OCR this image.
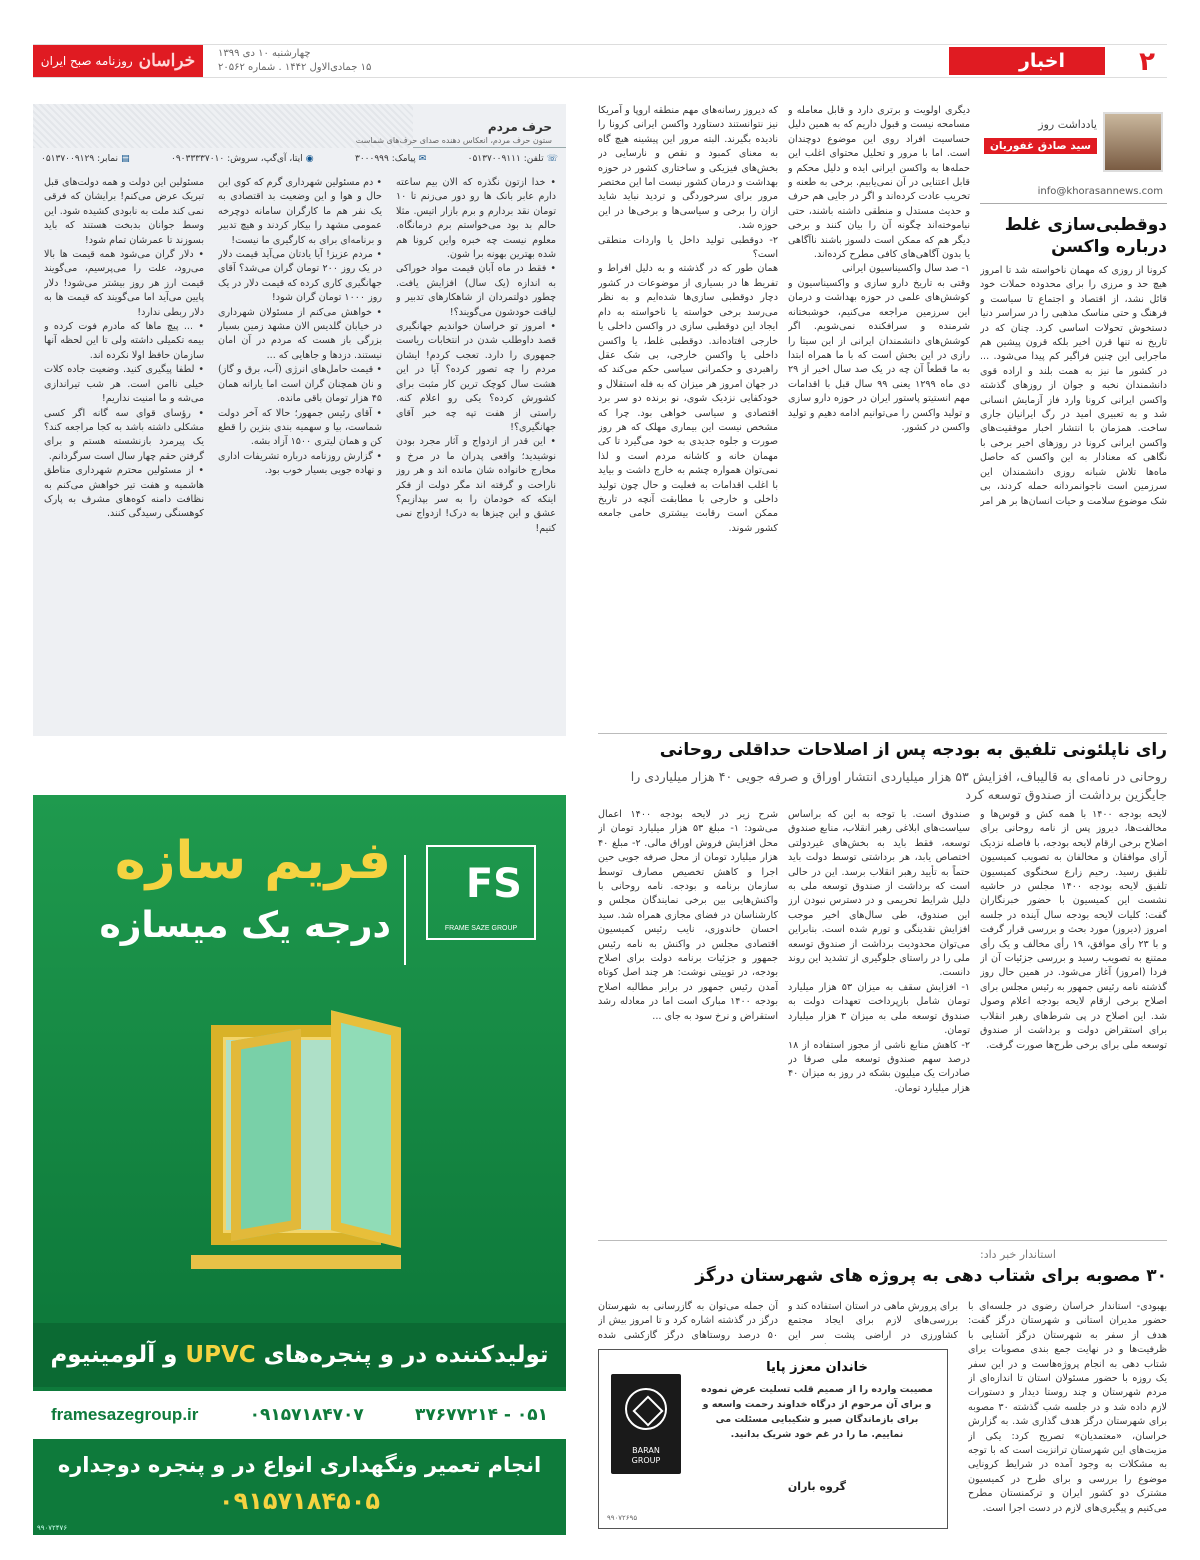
۲
اخبار
چهارشنبه ۱۰ دی ۱۳۹۹
۱۵ جمادی‌الاول ۱۴۴۲ . شماره ۲۰۵۶۲
خراسان
روزنامه صبح ایران
یادداشت روز
سید صادق غفوریان
info@khorasannews.com
دوقطبی‌سازی غلط درباره واکسن
کرونا از روزی که مهمان ناخواسته شد تا امروز هیچ حد و مرزی را برای محدوده حملات خود قائل نشد، از اقتصاد و اجتماع تا سیاست و فرهنگ و حتی مناسک مذهبی را در سراسر دنیا دستخوش تحولات اساسی کرد. چنان که در تاریخ نه تنها قرن اخیر بلکه قرون پیشین هم ماجرایی این چنین فراگیر کم پیدا می‌شود. ... در کشور ما نیز به همت بلند و اراده قوی دانشمندان نخبه و جوان از روزهای گذشته واکسن ایرانی کرونا وارد فاز آزمایش انسانی شد و به تعبیری امید در رگ ایرانیان جاری ساخت. همزمان با انتشار اخبار موفقیت‌های واکسن ایرانی کرونا در روزهای اخیر برخی با نگاهی که معنادار به این واکسن که حاصل ماه‌ها تلاش شبانه روزی دانشمندان این سرزمین است ناجوانمردانه حمله کردند، بی شک موضوع سلامت و حیات انسان‌ها بر هر امر
دیگری اولویت و برتری دارد و قابل معامله و مسامحه نیست و قبول داریم که به همین دلیل حساسیت افراد روی این موضوع دوچندان است. اما با مرور و تحلیل محتوای اغلب این حمله‌ها به واکسن ایرانی ایده و دلیل محکم و قابل اعتنایی در آن نمی‌یابیم. برخی به طعنه و تخریب عادت کرده‌اند و اگر در جایی هم حرف و حدیث مستدل و منطقی داشته باشند، حتی نیاموخته‌اند چگونه آن را بیان کنند و برخی دیگر هم که ممکن است دلسوز باشند ناآگاهی یا بدون آگاهی‌های کافی مطرح کرده‌اند.
۱- صد سال واکسیناسیون ایرانی
وقتی به تاریخ دارو سازی و واکسیناسیون و کوشش‌های علمی در حوزه بهداشت و درمان این سرزمین مراجعه می‌کنیم، خوشبختانه شرمنده و سرافکنده نمی‌شویم. اگر کوشش‌های دانشمندان ایرانی از این سیتا را رازی در این بخش است که با ما همراه ابتدا به ما قطعاً آن چه در یک صد سال اخیر از ۲۹ دی ماه ۱۲۹۹ یعنی ۹۹ سال قبل با اقدامات مهم انستیتو پاستور ایران در حوزه دارو سازی و تولید واکسن را می‌توانیم ادامه دهیم و تولید واکسن در کشور.
که دیروز رسانه‌های مهم منطقه اروپا و آمریکا نیز نتوانستند دستاورد واکسن ایرانی کرونا را نادیده بگیرند. البته مرور این پیشینه هیچ گاه به معنای کمبود و نقص و نارسایی در بخش‌های فیزیکی و ساختاری کشور در حوزه بهداشت و درمان کشور نیست اما این مختصر مرور برای سرخوردگی و تردید نباید شاید ازان را برخی و سیاسی‌ها و برخی‌ها در این حوزه شد.
۲- دوقطبی تولید داخل یا واردات منطقی است؟
همان طور که در گذشته و به دلیل افراط و تفریط ها در بسیاری از موضوعات در کشور دچار دوقطبی سازی‌ها شده‌ایم و به نظر می‌رسد برخی خواسته یا ناخواسته به دام ایجاد این دوقطبی سازی در واکسن داخلی یا خارجی افتاده‌اند. دوقطبی غلط، یا واکسن داخلی یا واکسن خارجی، بی شک عقل راهبردی و حکمرانی سیاسی حکم می‌کند که در جهان امروز هر میزان که به فله استقلال و خودکفایی نزدیک شوی، نو برنده دو سر برد اقتصادی و سیاسی خواهی بود. چرا که مشخص نیست این بیماری مهلک که هر روز صورت و جلوه جدیدی به خود می‌گیرد تا کی مهمان خانه و کاشانه مردم است و لذا نمی‌توان همواره چشم به خارج داشت و بیاید با اغلب اقدامات به فعلیت و حال چون تولید داخلی و خارجی با مطابقت آنچه در تاریخ ممکن است رقابت بیشتری حامی جامعه کشور شوند.
حرف مردم
ستون حرف مردم، انعکاس دهنده صدای حرف‌های شماست
☏ تلفن: ۰۵۱۳۷۰۰۹۱۱۱
✉ پیامک: ۳۰۰۰۹۹۹
◉ ایتا، آی‌گپ، سروش: ۰۹۰۳۳۳۳۷۰۱۰
▤ نمابر: ۰۵۱۳۷۰۰۹۱۲۹
• خدا ازتون نگذره که الان بیم ساعته دارم عابر بانک ها رو دور می‌زنم تا ۱۰ تومان نقد بردارم و برم بازار اتیس. مثلا حالم بد بود می‌خواستم برم درمانگاه. معلوم نیست چه خبره واین کرونا هم شده بهترین بهونه برا شون.
• فقط در ماه آبان قیمت مواد خوراکی به اندازه (یک سال) افزایش یافت. چطور دولتمردان از شاهکارهای تدبیر و لیاقت خودشون می‌گویند؟!
• امروز تو خراسان خواندیم جهانگیری قصد داوطلب شدن در انتخابات ریاست جمهوری را دارد. تعجب کردم! ایشان مردم را چه تصور کرده؟ آیا در این هشت سال کوچک ترین کار مثبت برای کشورش کرده؟ یکی رو اعلام کنه. راستی از هفت تپه چه خبر آقای جهانگیری؟!
• این قدر از ازدواج و آثار مجرد بودن نوشیدید؛ واقعی پدران ما در مرخ و مخارج خانواده شان مانده اند و هر روز ناراحت و گرفته اند مگر دولت از فکر اینکه که خودمان را به سر بپدازیم؟ عشق و این چیزها به درک! ازدواج نمی کنیم!
• دم مسئولین شهرداری گرم که کوی این حال و هوا و این وضعیت بد اقتصادی به یک نفر هم ما کارگران سامانه دوچرخه عمومی مشهد را بیکار کردند و هیچ تدبیر و برنامه‌ای برای به کارگیری ما نیست!
• مردم عزیز! آیا یادتان می‌آید قیمت دلار در یک روز ۲۰۰ تومان گران می‌شد؟ آقای جهانگیری کاری کرده که قیمت دلار در یک روز ۱۰۰۰ تومان گران شود!
• خواهش می‌کنم از مسئولان شهرداری در خیابان گلدیس الان مشهد زمین بسیار بزرگی باز هست که مردم در آن امان نیستند. دزدها و جاهایی که ...
• قیمت حامل‌های انرژی (آب، برق و گاز) و نان همچنان گران است اما یارانه همان ۴۵ هزار تومان باقی مانده.
• آقای رئیس جمهور؛ حالا که آخر دولت شماست، بیا و سهمیه بندی بنزین را قطع کن و همان لیتری ۱۵۰۰ آزاد بشه.
• گزارش روزنامه درباره تشریفات اداری و نهاده جویی بسیار خوب بود.
مسئولین این دولت و همه دولت‌های قبل تبریک عرض می‌کنم! برایشان که فرقی نمی کند ملت به نابودی کشیده شود. این وسط جوانان بدبخت هستند که باید بسوزند تا عمرشان تمام شود!
• دلار گران می‌شود همه قیمت ها بالا می‌رود، علت را می‌پرسیم، می‌گویند قیمت ارز هر روز بیشتر می‌شود! دلار پایین می‌آید اما می‌گویند که قیمت ها به دلار ربطی ندارد!
• ... پیچ ماها که مادرم فوت کرده و بیمه تکمیلی داشته ولی تا این لحظه آنها سازمان حافظ اولا نکرده اند.
• لطفا پیگیری کنید. وضعیت جاده کلات خیلی ناامن است. هر شب تیراندازی می‌شه و ما امنیت نداریم!
• رؤسای قوای سه گانه اگر کسی مشکلی داشته باشد به کجا مراجعه کند؟ یک پیرمرد بازنشسته هستم و برای گرفتن حقم چهار سال است سرگردانم.
• از مسئولین محترم شهرداری مناطق هاشمیه و هفت تیر خواهش می‌کنم به نظافت دامنه کوه‌های مشرف به پارک کوهسنگی رسیدگی کنند.
رای ناپلئونی تلفیق به بودجه پس از اصلاحات حداقلی روحانی
روحانی در نامه‌ای به قالیباف، افزایش ۵۳ هزار میلیاردی انتشار اوراق و صرفه جویی ۴۰ هزار میلیاردی را جایگزین برداشت از صندوق توسعه کرد
لایحه بودجه ۱۴۰۰ با همه کش و قوس‌ها و مخالفت‌ها، دیروز پس از نامه روحانی برای اصلاح برخی ارقام لایحه بودجه، با فاصله نزدیک آرای موافقان و مخالفان به تصویب کمیسیون تلفیق رسید. رحیم زارع سخنگوی کمیسیون تلفیق لایحه بودجه ۱۴۰۰ مجلس در حاشیه نشست این کمیسیون با حضور خبرنگاران گفت: کلیات لایحه بودجه سال آینده در جلسه امروز (دیروز) مورد بحث و بررسی قرار گرفت و با ۲۳ رأی موافق، ۱۹ رأی مخالف و یک رأی ممتنع به تصویب رسید و بررسی جزئیات آن از فردا (امروز) آغاز می‌شود. در همین حال روز گذشته نامه رئیس جمهور به رئیس مجلس برای اصلاح برخی ارقام لایحه بودجه اعلام وصول شد. این اصلاح در پی شرط‌های رهبر انقلاب برای استقراض دولت و برداشت از صندوق توسعه ملی برای برخی طرح‌ها صورت گرفت.
صندوق است. با توجه به این که براساس سیاست‌های ابلاغی رهبر انقلاب، منابع صندوق توسعه، فقط باید به بخش‌های غیردولتی اختصاص یابد، هر برداشتی توسط دولت باید حتماً به تأیید رهبر انقلاب برسد. این در حالی است که برداشت از صندوق توسعه ملی به دلیل شرایط تحریمی و در دسترس نبودن ارز این صندوق، طی سال‌های اخیر موجب افزایش نقدینگی و تورم شده است. بنابراین می‌توان محدودیت برداشت از صندوق توسعه ملی را در راستای جلوگیری از تشدید این روند دانست.
۱- افزایش سقف به میزان ۵۳ هزار میلیارد تومان شامل بازپرداخت تعهدات دولت به صندوق توسعه ملی به میزان ۳ هزار میلیارد تومان.
۲- کاهش منابع ناشی از مجوز استفاده از ۱۸ درصد سهم صندوق توسعه ملی صرفا در صادرات یک میلیون بشکه در روز به میزان ۴۰ هزار میلیارد تومان.
شرح زیر در لایحه بودجه ۱۴۰۰ اعمال می‌شود: ۱- مبلغ ۵۳ هزار میلیارد تومان از محل افزایش فروش اوراق مالی. ۲- مبلغ ۴۰ هزار میلیارد تومان از محل صرفه جویی حین اجرا و کاهش تخصیص مصارف توسط سازمان برنامه و بودجه. نامه روحانی با واکنش‌هایی بین برخی نمایندگان مجلس و کارشناسان در فضای مجازی همراه شد. سید احسان خاندوزی، نایب رئیس کمیسیون اقتصادی مجلس در واکنش به نامه رئیس جمهور و جزئیات برنامه دولت برای اصلاح بودجه، در توییتی نوشت: هر چند اصل کوتاه آمدن رئیس جمهور در برابر مطالبه اصلاح بودجه ۱۴۰۰ مبارک است اما در معادله رشد استقراض و نرخ سود به جای ...
استاندار خبر داد:
۳۰ مصوبه برای شتاب دهی به پروژه های شهرستان درگز
بهبودی- استاندار خراسان رضوی در جلسه‌ای با حضور مدیران استانی و شهرستان درگز گفت: هدف از سفر به شهرستان درگز آشنایی با ظرفیت‌ها و در نهایت جمع بندی مصوبات برای شتاب دهی به انجام پروژه‌هاست و در این سفر یک روزه با حضور مسئولان استان تا اندازه‌ای از مردم شهرستان و چند روستا دیدار و دستورات لازم داده شد و در جلسه شب گذشته ۳۰ مصوبه برای شهرستان درگز هدف گذاری شد. به گزارش خراسان، «معتمدیان» تصریح کرد: یکی از مزیت‌های این شهرستان ترانزیت است که با توجه به مشکلات به وجود آمده در شرایط کرونایی موضوع را بررسی و برای طرح در کمیسیون مشترک دو کشور ایران و ترکمنستان مطرح می‌کنیم و پیگیری‌های لازم در دست اجرا است.
برای پرورش ماهی در استان استفاده کند و بررسی‌های لازم برای ایجاد مجتمع کشاورزی در اراضی پشت سر این
آن جمله می‌توان به گازرسانی به شهرستان درگز در گذشته اشاره کرد و تا امروز بیش از ۵۰ درصد روستاهای درگز گازکشی شده
BARAN
GROUP
خاندان معزز پایا
مصیبت وارده را از صمیم قلب تسلیت عرض نموده و برای آن مرحوم از درگاه خداوند رحمت واسعه و برای بازماندگان صبر و شکیبایی مسئلت می نماییم. ما را در غم خود شریک بدانید.
گروه باران
۹۹۰۷۲۶۹۵
FS
FRAME SAZE GROUP
فریم سازه
درجه یک میسازه
تولیدکننده در و پنجره‌های UPVC و آلومینیوم
۰۵۱ - ۳۷۶۷۷۲۱۴
۰۹۱۵۷۱۸۴۷۰۷
framesazegroup.ir
انجام تعمیر ونگهداری انواع در و پنجره دوجداره
۰۹۱۵۷۱۸۴۵۰۵
۹۹۰۷۲۴۷۶
